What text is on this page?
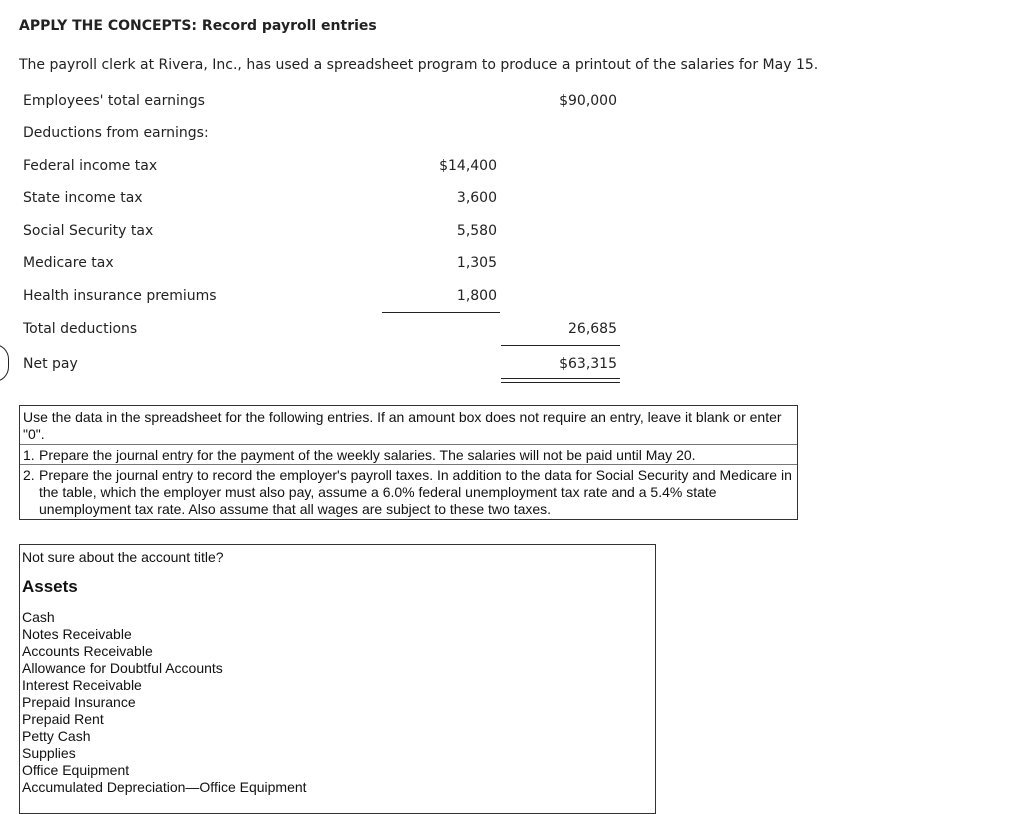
APPLY THE CONCEPTS: Record payroll entries
The payroll clerk at Rivera, Inc., has used a spreadsheet program to produce a printout of the salaries for May 15.
Employees' total earnings	$90,000
Deductions from earnings:
Federal income tax	$14,400
State income tax	3,600
Social Security tax	5,580
Medicare tax	1,305
Health insurance premiums	1,800
Total deductions	26,685
Net pay	$63,315
Use the data in the spreadsheet for the following entries. If an amount box does not require an entry, leave it blank or enter "0".
1. Prepare the journal entry for the payment of the weekly salaries. The salaries will not be paid until May 20.
2. Prepare the journal entry to record the employer's payroll taxes. In addition to the data for Social Security and Medicare in the table, which the employer must also pay, assume a 6.0% federal unemployment tax rate and a 5.4% state unemployment tax rate. Also assume that all wages are subject to these two taxes.
Not sure about the account title?
Assets
Cash
Notes Receivable
Accounts Receivable
Allowance for Doubtful Accounts
Interest Receivable
Prepaid Insurance
Prepaid Rent
Petty Cash
Supplies
Office Equipment
Accumulated Depreciation—Office Equipment
